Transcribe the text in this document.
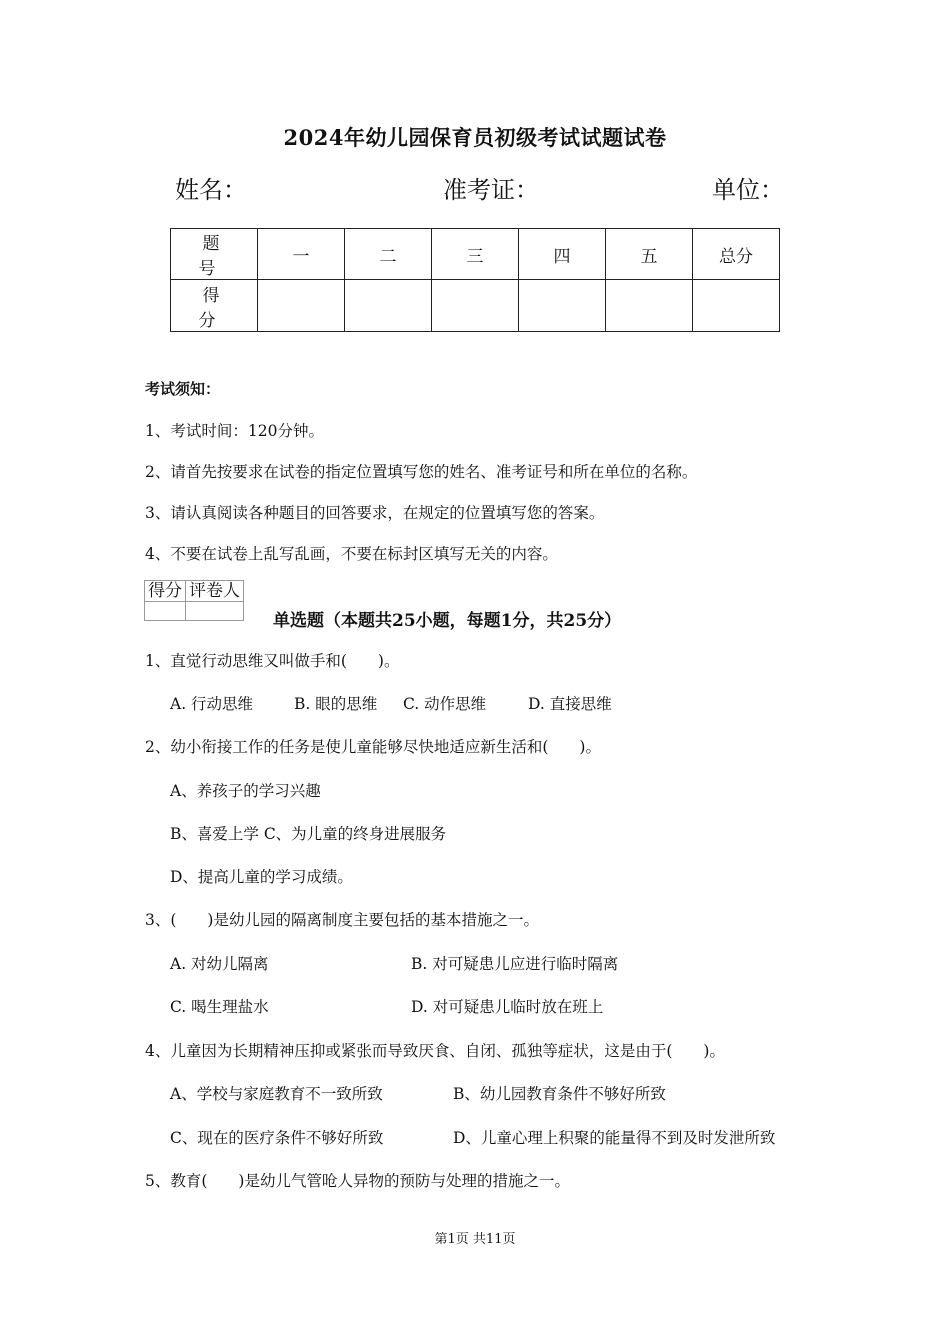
2024年幼儿园保育员初级考试试题试卷
姓名：	准考证：	单位：
题　号	一	二	三	四	五	总分
得　分						
考试须知：
1、考试时间：120分钟。
2、请首先按要求在试卷的指定位置填写您的姓名、准考证号和所在单位的名称。
3、请认真阅读各种题目的回答要求，在规定的位置填写您的答案。
4、不要在试卷上乱写乱画，不要在标封区填写无关的内容。
得分	评卷人

单选题（本题共25小题，每题1分，共25分）
1、直觉行动思维又叫做手和(　　)。
A. 行动思维	B. 眼的思维 C. 动作思维	D. 直接思维
2、幼小衔接工作的任务是使儿童能够尽快地适应新生活和(　　)。
A、养孩子的学习兴趣
B、喜爱上学 C、为儿童的终身进展服务
D、提高儿童的学习成绩。
3、(　　)是幼儿园的隔离制度主要包括的基本措施之一。
A. 对幼儿隔离	B. 对可疑患儿应进行临时隔离
C. 喝生理盐水	D. 对可疑患儿临时放在班上
4、儿童因为长期精神压抑或紧张而导致厌食、自闭、孤独等症状，这是由于(　　)。
A、学校与家庭教育不一致所致	B、幼儿园教育条件不够好所致
C、现在的医疗条件不够好所致	D、儿童心理上积聚的能量得不到及时发泄所致
5、教育(　　)是幼儿气管呛人异物的预防与处理的措施之一。
第1页 共11页
